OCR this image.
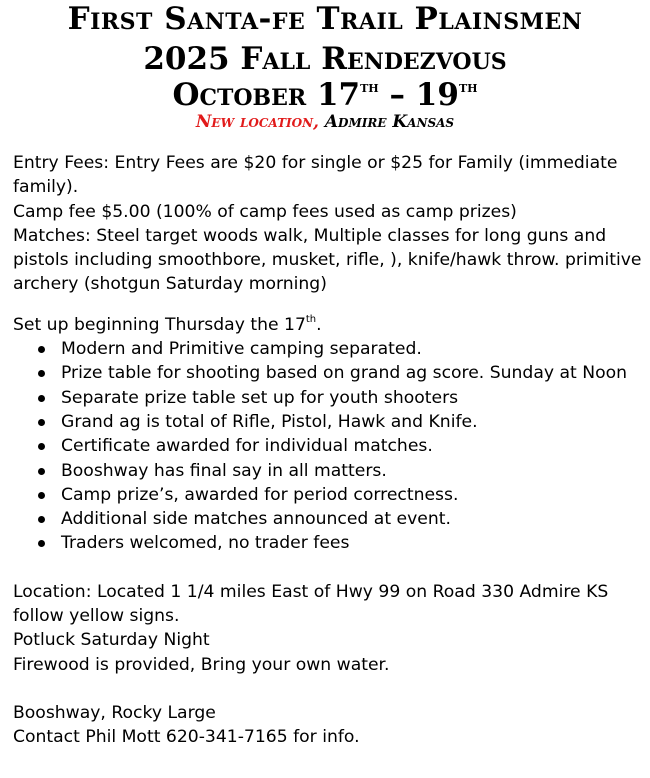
First Santa-fe Trail Plainsmen
2025 Fall Rendezvous
October 17th – 19th
New location, Admire Kansas

Entry Fees: Entry Fees are $20 for single or $25 for Family (immediate family).

Camp fee $5.00 (100% of camp fees used as camp prizes)

Matches: Steel target woods walk, Multiple classes for long guns and pistols including smoothbore, musket, rifle, ), knife/hawk throw. primitive archery (shotgun Saturday morning)

Set up beginning Thursday the 17th.

Modern and Primitive camping separated.
Prize table for shooting based on grand ag score. Sunday at Noon
Separate prize table set up for youth shooters
Grand ag is total of Rifle, Pistol, Hawk and Knife.
Certificate awarded for individual matches.
Booshway has final say in all matters.
Camp prize’s, awarded for period correctness.
Additional side matches announced at event.
Traders welcomed, no trader fees

Location: Located 1 1/4 miles East of Hwy 99 on Road 330 Admire KS follow yellow signs.

Potluck Saturday Night

Firewood is provided, Bring your own water.

Booshway, Rocky Large

Contact Phil Mott 620-341-7165 for info.
